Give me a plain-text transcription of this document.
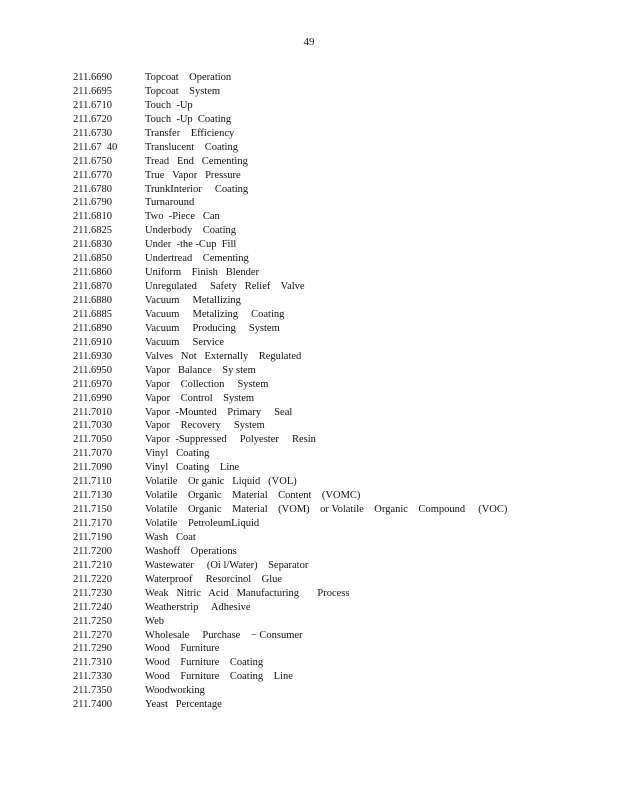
49
211.6690	Topcoat    Operation
211.6695	Topcoat    System
211.6710	Touch  -Up
211.6720	Touch  -Up  Coating
211.6730	Transfer    Efficiency
211.67  40	Translucent    Coating
211.6750	Tread   End   Cementing
211.6770	True   Vapor   Pressure
211.6780	TrunkInterior     Coating
211.6790	Turnaround
211.6810	Two  -Piece   Can
211.6825	Underbody    Coating
211.6830	Under  -the -Cup  Fill
211.6850	Undertread    Cementing
211.6860	Uniform    Finish   Blender
211.6870	Unregulated     Safety   Relief    Valve
211.6880	Vacuum     Metallizing
211.6885	Vacuum     Metalizing     Coating
211.6890	Vacuum     Producing     System
211.6910	Vacuum     Service
211.6930	Valves   Not   Externally    Regulated
211.6950	Vapor   Balance    Sy stem
211.6970	Vapor    Collection     System
211.6990	Vapor    Control    System
211.7010	Vapor  -Mounted    Primary     Seal
211.7030	Vapor    Recovery     System
211.7050	Vapor  -Suppressed     Polyester     Resin
211.7070	Vinyl   Coating
211.7090	Vinyl   Coating    Line
211.7110	Volatile    Or ganic   Liquid   (VOL)
211.7130	Volatile    Organic    Material    Content    (VOMC)
211.7150	Volatile    Organic    Material    (VOM)    or Volatile    Organic    Compound     (VOC)
211.7170	Volatile    PetroleumLiquid
211.7190	Wash   Coat
211.7200	Washoff    Operations
211.7210	Wastewater     (Oi l/Water)    Separator
211.7220	Waterproof     Resorcinol    Glue
211.7230	Weak   Nitric   Acid   Manufacturing       Process
211.7240	Weatherstrip     Adhesive
211.7250	Web
211.7270	Wholesale     Purchase    − Consumer
211.7290	Wood    Furniture
211.7310	Wood    Furniture    Coating
211.7330	Wood    Furniture    Coating    Line
211.7350	Woodworking
211.7400	Yeast   Percentage
